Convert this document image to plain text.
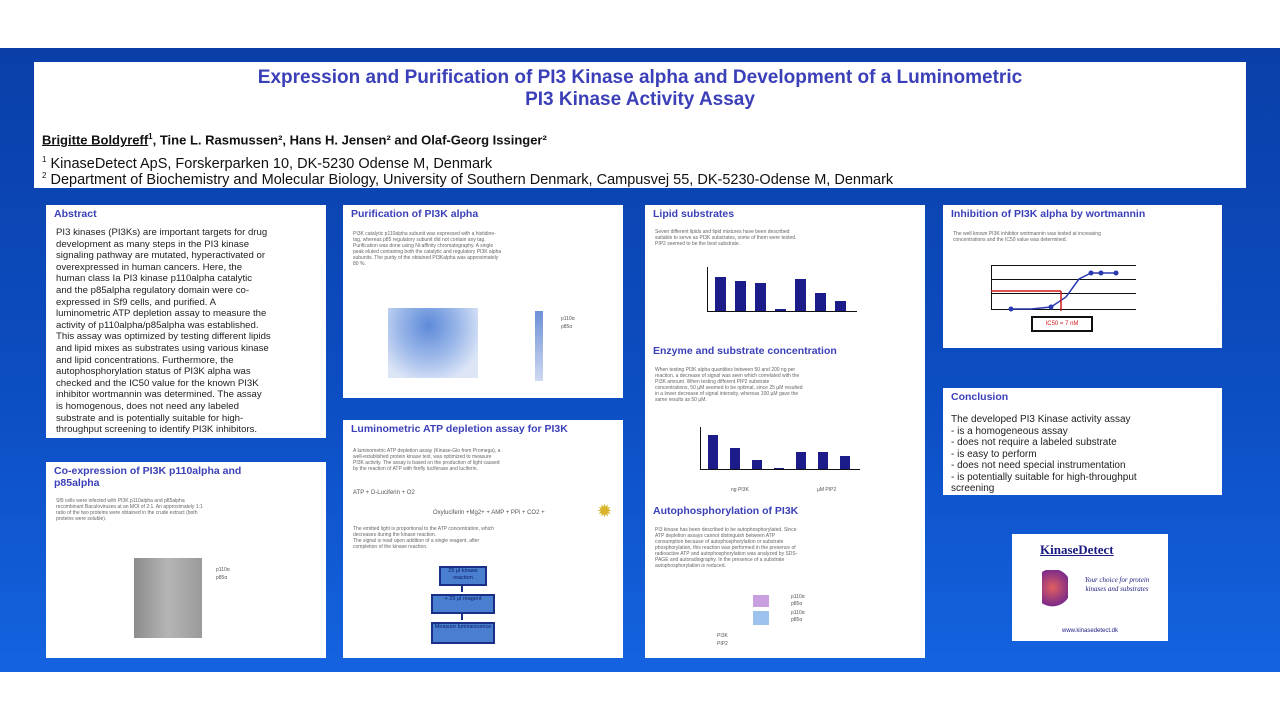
Expression and Purification of PI3 Kinase alpha and Development of a Luminometric
PI3 Kinase Activity Assay
Brigitte Boldyreff$^1$, Tine L. Rasmussen², Hans H. Jensen² and Olaf-Georg Issinger²
$^1$ KinaseDetect ApS, Forskerparken 10, DK-5230 Odense M, Denmark
$^2$ Department of Biochemistry and Molecular Biology, University of Southern Denmark, Campusvej 55, DK-5230-Odense M, Denmark
Abstract
PI3 kinases (PI3Ks) are important targets for drug
development as many steps in the PI3 kinase
signaling pathway are mutated, hyperactivated or
overexpressed in human cancers. Here, the
human class Ia PI3 kinase p110alpha catalytic
and the p85alpha regulatory domain were co-
expressed in Sf9 cells, and purified. A
luminometric ATP depletion assay to measure the
activity of p110alpha/p85alpha was established.
This assay was optimized by testing different lipids
and lipid mixes as substrates using various kinase
and lipid concentrations. Furthermore, the
autophosphorylation status of PI3K alpha was
checked and the IC50 value for the known PI3K
inhibitor wortmannin was determined. The assay
is homogenous, does not need any labeled
substrate and is potentially suitable for high-
throughput screening to identify PI3K inhibitors.
Co-expression of PI3K p110alpha and p85alpha
Sf9 cells were infected with PI3K p110alpha and p85alpha
recombinant Baculoviruses at an MOI of 2:1. An approximately 1:1
ratio of the two proteins were obtained in the crude extract (both
proteins were soluble).
p110α
p85α
Purification of PI3K alpha
PI3K catalytic p110alpha subunit was expressed with a histidine-
tag, whereas p85 regulatory subunit did not contain any tag.
Purification was done using Ni-affinity chromatography. A single
peak eluted containing both the catalytic and regulatory PI3K alpha
subunits. The purity of the obtained PI3Kalpha was approximately
80 %.
p110α
p85α
Luminometric ATP depletion assay for PI3K
A luminometric ATP depletion assay (Kinase-Glo from Promega), a
well-established protein kinase test, was optimized to measure
PI3K activity. The assay is based on the production of light caused
by the reaction of ATP with firefly luciferase and luciferin.
ATP + D-Luciferin + O2
Oxyluciferin +Mg2+ + AMP + PPi + CO2 +	✹
The emitted light is proportional to the ATP concentration, which
decreases during the kinase reaction.
The signal is read upon addition of a single reagent, after
completion of the kinase reaction.
25 µl kinase reaction
+ 25 µl reagent
Measure luminescence
Lipid substrates
Seven different lipids and lipid mixtures have been described
suitable to serve as PI3K substrates, some of them were tested.
PIP2 seemed to be the best substrate.
Enzyme and substrate concentration
When testing PI3K alpha quantities between 50 and 200 ng per
reaction, a decrease of signal was seen which correlated with the
PI3K amount. When testing different PIP2 substrate
concentrations, 50 µM seemed to be optimal, since 25 µM resulted
in a lower decrease of signal intensity, whereas 100 µM gave the
same results as 50 µM.
ng PI3K	µM PIP2
Autophosphorylation of PI3K
PI3 kinase has been described to be autophosphorylated. Since
ATP depletion assays cannot distinguish between ATP
consumption because of autophosphorylation or substrate
phosphorylation, this reaction was performed in the presence of
radioactive ATP and autophosphorylation was analyzed by SDS-
PAGE and autoradiography. In the presence of a substrate
autophosphorylation is reduced.
p110α
p85α
p110α
p85α
PI3K
PIP2
Inhibition of PI3K alpha by wortmannin
The well known PI3K inhibitor wortmannin was tested at increasing
concentrations and the IC50 value was determined.
IC50 = 7 nM
Conclusion
The developed PI3 Kinase activity assay
- is a homogeneous assay
- does not require a labeled substrate
- is easy to perform
- does not need special instrumentation
- is potentially suitable for high-throughput
screening
KinaseDetect
Your choice for protein kinases and substrates
www.kinasedetect.dk
